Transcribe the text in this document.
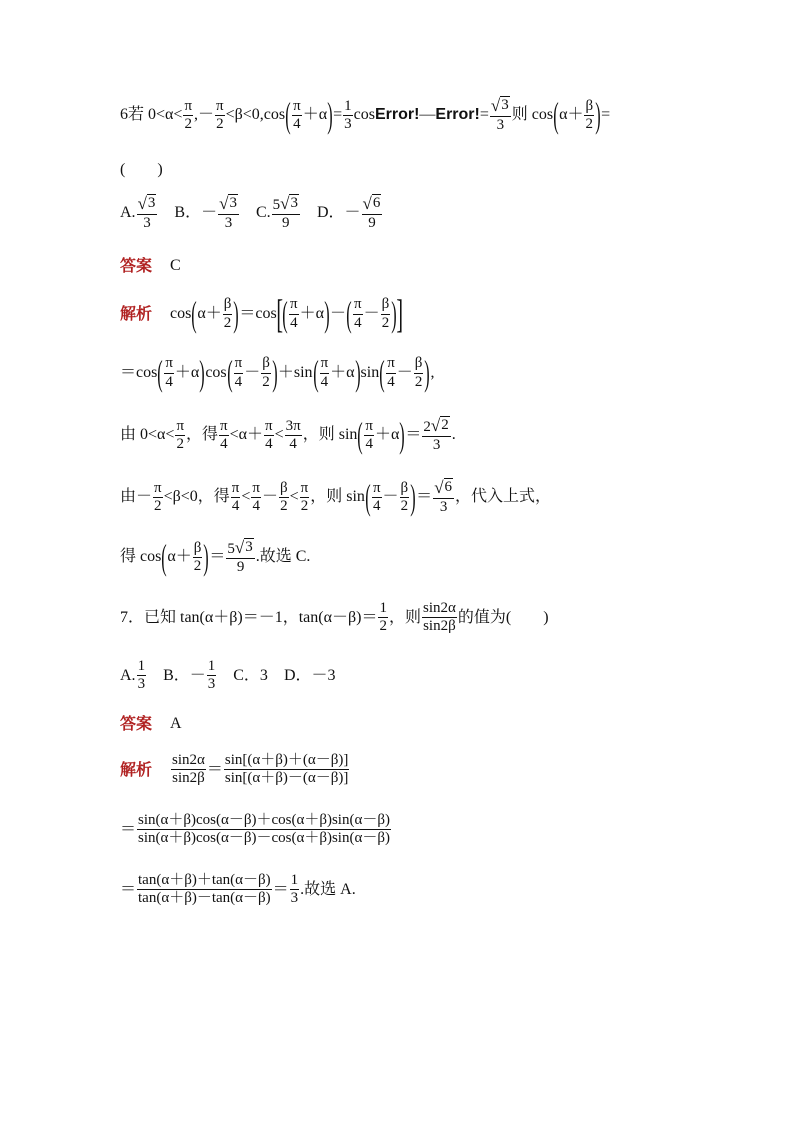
6 若 $0<\alpha< \frac{\pi}{2}$ , － $\frac{\pi}{2} <\beta<0,\cos$ ( $\frac{\pi}{4} +\alpha$ ) = $\frac{1}{3}$ cos Error! — Error! = $\frac{√ 3}{3}$ 则 cos ( $\alpha+ \frac{\beta}{2}$ ) =
(　　)
A. $\frac{√ 3}{3}$ B．－ $\frac{√ 3}{3} C$. $\frac{5 √ 3}{9}$ D．－ $\frac{√ 6}{9}$
答案 C
解析 cos ( $\alpha+ \frac{\beta}{2}$ ) ＝cos [ ( $\frac{\pi}{4} +\alpha$ ) － ( $\frac{\pi}{4} - \frac{\beta}{2}$ ) ]
＝cos ( $\frac{\pi}{4} +\alpha$ ) cos ( $\frac{\pi}{4} - \frac{\beta}{2}$ ) ＋sin ( $\frac{\pi}{4} +\alpha$ ) sin ( $\frac{\pi}{4} - \frac{\beta}{2}$ ) ,
由 $0<\alpha< \frac{\pi}{2}$ ，得 $\frac{\pi}{4} <\alpha+ \frac{\pi}{4} < \frac{3\pi}{4}$ ，则 sin ( $\frac{\pi}{4} +\alpha$ ) ＝ $\frac{2 √ 2}{3}$ .
由－ $\frac{\pi}{2} <\beta<0$，得 $\frac{\pi}{4} < \frac{\pi}{4} - \frac{\beta}{2} < \frac{\pi}{2}$ ，则 sin ( $\frac{\pi}{4} - \frac{\beta}{2}$ ) ＝ $\frac{√ 6}{3}$ ，代入上式，
得 cos ( $\alpha+ \frac{\beta}{2}$ ) ＝ $\frac{5 √ 3}{9}$ .故选 C.
7．已知 tan(α＋β)＝－1，$\tan(\alpha-\beta)= \frac{1}{2}$ ，则 $\frac{\sin 2\alpha}{\sin 2\beta}$ 的值为(　　)
A. $\frac{1}{3}$ B．－ $\frac{1}{3}$ C．3 D．－3
答案 A
解析 $\frac{\sin 2\alpha}{\sin 2\beta} = \frac{\sin[(\alpha+\beta)+(\alpha-\beta)]}{\sin[(\alpha+\beta)-(\alpha-\beta)]}$
＝ $\frac{\sin(\alpha+\beta)\cos(\alpha-\beta)+\cos(\alpha+\beta)\sin(\alpha-\beta)}{\sin(\alpha+\beta)\cos(\alpha-\beta)-\cos(\alpha+\beta)\sin(\alpha-\beta)}$
＝ $\frac{\tan(\alpha+\beta)+\tan(\alpha-\beta)}{\tan(\alpha+\beta)-\tan(\alpha-\beta)} = \frac{1}{3}$ .故选 A.
